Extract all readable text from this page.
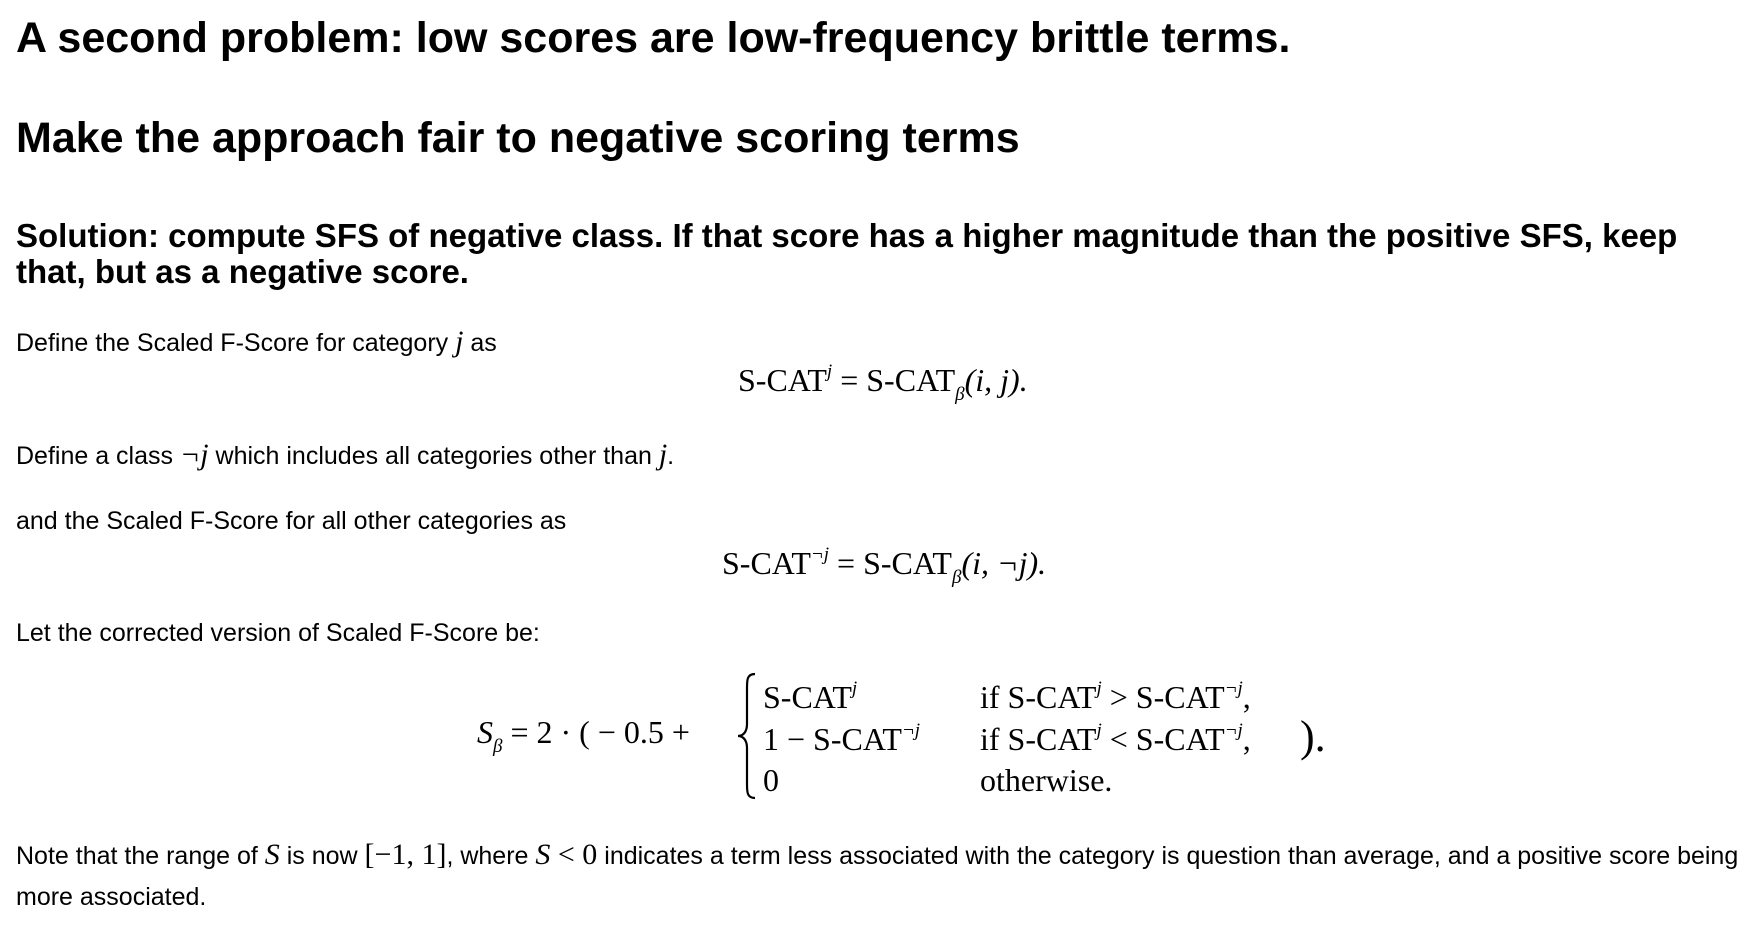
A second problem: low scores are low-frequency brittle terms.
Make the approach fair to negative scoring terms
Solution: compute SFS of negative class. If that score has a higher magnitude than the positive SFS, keep that, but as a negative score.
Define the Scaled F-Score for category j as
$S-CAT^j = S-CAT_\beta(i$, j).
Define a class ¬j which includes all categories other than j.
and the Scaled F-Score for all other categories as
$S-CAT^{\neg j} = S-CAT_\beta(i$, ¬j).
Let the corrected version of Scaled F-Score be:
$S_\beta = 2$ · ( − 0.5 +
S-CAT$^j$	if $S-CAT^j > S-CAT^{\neg j}$,
$1 - S-CAT^{\neg j}$ if $S-CAT^j < S-CAT^{\neg j}$,
0	otherwise.
).
Note that the range of S is now [−1, 1], where S < 0 indicates a term less associated with the category is question than average, and a positive score being more associated.
